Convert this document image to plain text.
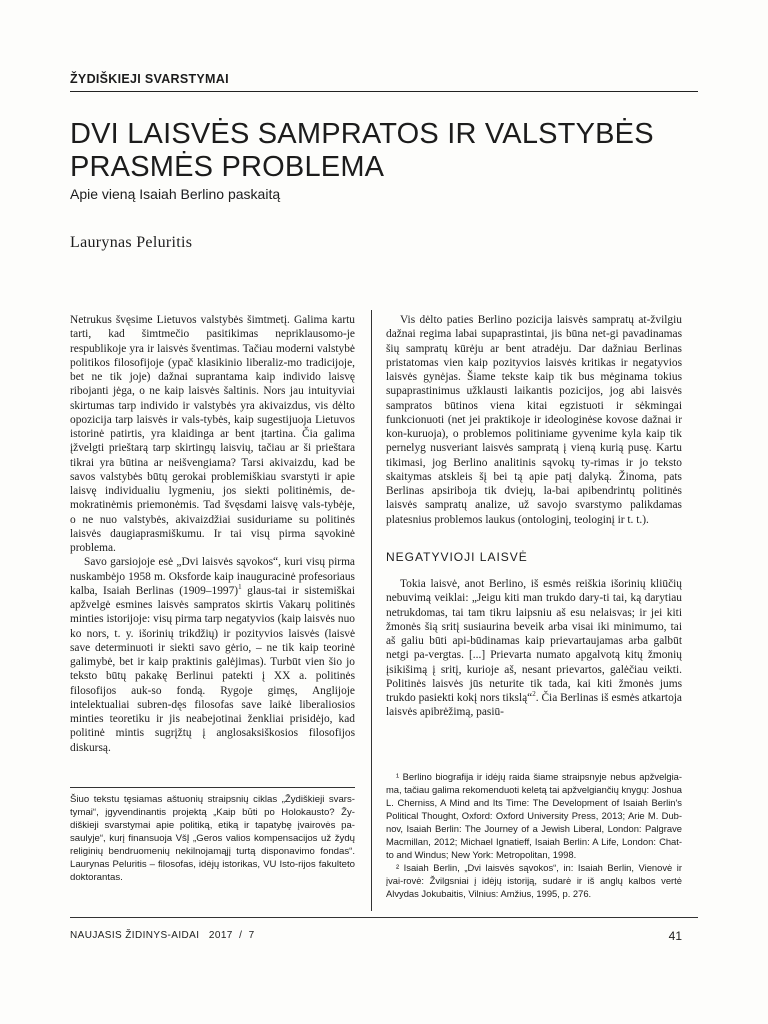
ŽYDIŠKIEJI SVARSTYMAI
DVI LAISVĖS SAMPRATOS IR VALSTYBĖS
PRASMĖS PROBLEMA
Apie vieną Isaiah Berlino paskaitą
Laurynas Peluritis

Netrukus švęsime Lietuvos valstybės šimtmetį. Galima kartu tarti, kad šimtmečio pasitikimas nepriklausomo-je respublikoje yra ir laisvės šventimas. Tačiau moderni valstybė politikos filosofijoje (ypač klasikinio liberaliz-mo tradicijoje, bet ne tik joje) dažnai suprantama kaip individo laisvę ribojanti jėga, o ne kaip laisvės šaltinis. Nors jau intuityviai skirtumas tarp individo ir valstybės yra akivaizdus, vis dėlto opozicija tarp laisvės ir vals-tybės, kaip sugestijuoja Lietuvos istorinė patirtis, yra klaidinga ar bent įtartina. Čia galima įžvelgti prieštarą tarp skirtingų laisvių, tačiau ar ši prieštara tikrai yra būtina ar neišvengiama? Tarsi akivaizdu, kad be savos valstybės būtų gerokai problemiškiau svarstyti ir apie laisvę individualiu lygmeniu, jos siekti politinėmis, de-mokratinėmis priemonėmis. Tad švęsdami laisvę vals-tybėje, o ne nuo valstybės, akivaizdžiai susiduriame su politinės laisvės daugiaprasmiškumu. Ir tai visų pirma sąvokinė problema.

Savo garsiojoje esė „Dvi laisvės sąvokos“, kuri visų pirma nuskambėjo 1958 m. Oksforde kaip inauguracinė profesoriaus kalba, Isaiah Berlinas (1909–1997)$^1$ glaus-tai ir sistemiškai apžvelgė esmines laisvės sampratos skirtis Vakarų politinės minties istorijoje: visų pirma tarp negatyvios (kaip laisvės nuo ko nors, t. y. išorinių trikdžių) ir pozityvios laisvės (laisvė save determinuoti ir siekti savo gėrio, – ne tik kaip teorinė galimybė, bet ir kaip praktinis galėjimas). Turbūt vien šio jo teksto būtų pakakę Berlinui patekti į XX a. politinės filosofijos auk-so fondą. Rygoje gimęs, Anglijoje intelektualiai subren-dęs filosofas save laikė liberaliosios minties teoretiku ir jis neabejotinai ženkliai prisidėjo, kad politinė mintis sugrįžtų į anglosaksiškosios filosofijos diskursą.

Šiuo tekstu tęsiamas aštuonių straipsnių ciklas „Žydiškieji svars-tymai“, įgyvendinantis projektą „Kaip būti po Holokausto? Žy-diškieji svarstymai apie politiką, etiką ir tapatybę įvairovės pa-saulyje“, kurį finansuoja VšĮ „Geros valios kompensacijos už žydų religinių bendruomenių nekilnojamąjį turtą disponavimo fondas“. Laurynas Peluritis – filosofas, idėjų istorikas, VU Isto-rijos fakulteto doktorantas.

Vis dėlto paties Berlino pozicija laisvės sampratų at-žvilgiu dažnai regima labai supaprastintai, jis būna net-gi pavadinamas šių sampratų kūrėju ar bent atradėju. Dar dažniau Berlinas pristatomas vien kaip pozityvios laisvės kritikas ir negatyvios laisvės gynėjas. Šiame tekste kaip tik bus mėginama tokius supaprastinimus užklausti laikantis pozicijos, jog abi laisvės sampratos būtinos viena kitai egzistuoti ir sėkmingai funkcionuoti (net jei praktikoje ir ideologinėse kovose dažnai ir kon-kuruoja), o problemos politiniame gyvenime kyla kaip tik pernelyg nusveriant laisvės sampratą į vieną kurią pusę. Kartu tikimasi, jog Berlino analitinis sąvokų ty-rimas ir jo teksto skaitymas atskleis šį bei tą apie patį dalyką. Žinoma, pats Berlinas apsiriboja tik dviejų, la-bai apibendrintų politinės laisvės sampratų analize, už savojo svarstymo palikdamas platesnius problemos laukus (ontologinį, teologinį ir t. t.).

NEGATYVIOJI LAISVĖ

Tokia laisvė, anot Berlino, iš esmės reiškia išorinių kliūčių nebuvimą veiklai: „Jeigu kiti man trukdo dary-ti tai, ką darytiau netrukdomas, tai tam tikru laipsniu aš esu nelaisvas; ir jei kiti žmonės šią sritį susiaurina beveik arba visai iki minimumo, tai aš galiu būti api-būdinamas kaip prievartaujamas arba galbūt netgi pa-vergtas. [...] Prievarta numato apgalvotą kitų žmonių įsikišimą į sritį, kurioje aš, nesant prievartos, galėčiau veikti. Politinės laisvės jūs neturite tik tada, kai kiti žmonės jums trukdo pasiekti kokį nors tikslą“$^2$. Čia Berlinas iš esmės atkartoja laisvės apibrėžimą, pasiū-

¹ Berlino biografija ir idėjų raida šiame straipsnyje nebus apžvelgia-ma, tačiau galima rekomenduoti keletą tai apžvelgiančių knygų: Joshua L. Cherniss, A Mind and Its Time: The Development of Isaiah Berlin's Political Thought, Oxford: Oxford University Press, 2013; Arie M. Dub-nov, Isaiah Berlin: The Journey of a Jewish Liberal, London: Palgrave Macmillan, 2012; Michael Ignatieff, Isaiah Berlin: A Life, London: Chat-to and Windus; New York: Metropolitan, 1998.

² Isaiah Berlin, „Dvi laisvės sąvokos“, in: Isaiah Berlin, Vienovė ir įvai-rovė: Žvilgsniai į idėjų istoriją, sudarė ir iš anglų kalbos vertė Alvydas Jokubaitis, Vilnius: Amžius, 1995, p. 276.

NAUJASIS ŽIDINYS-AIDAI   2017  /  7	41
